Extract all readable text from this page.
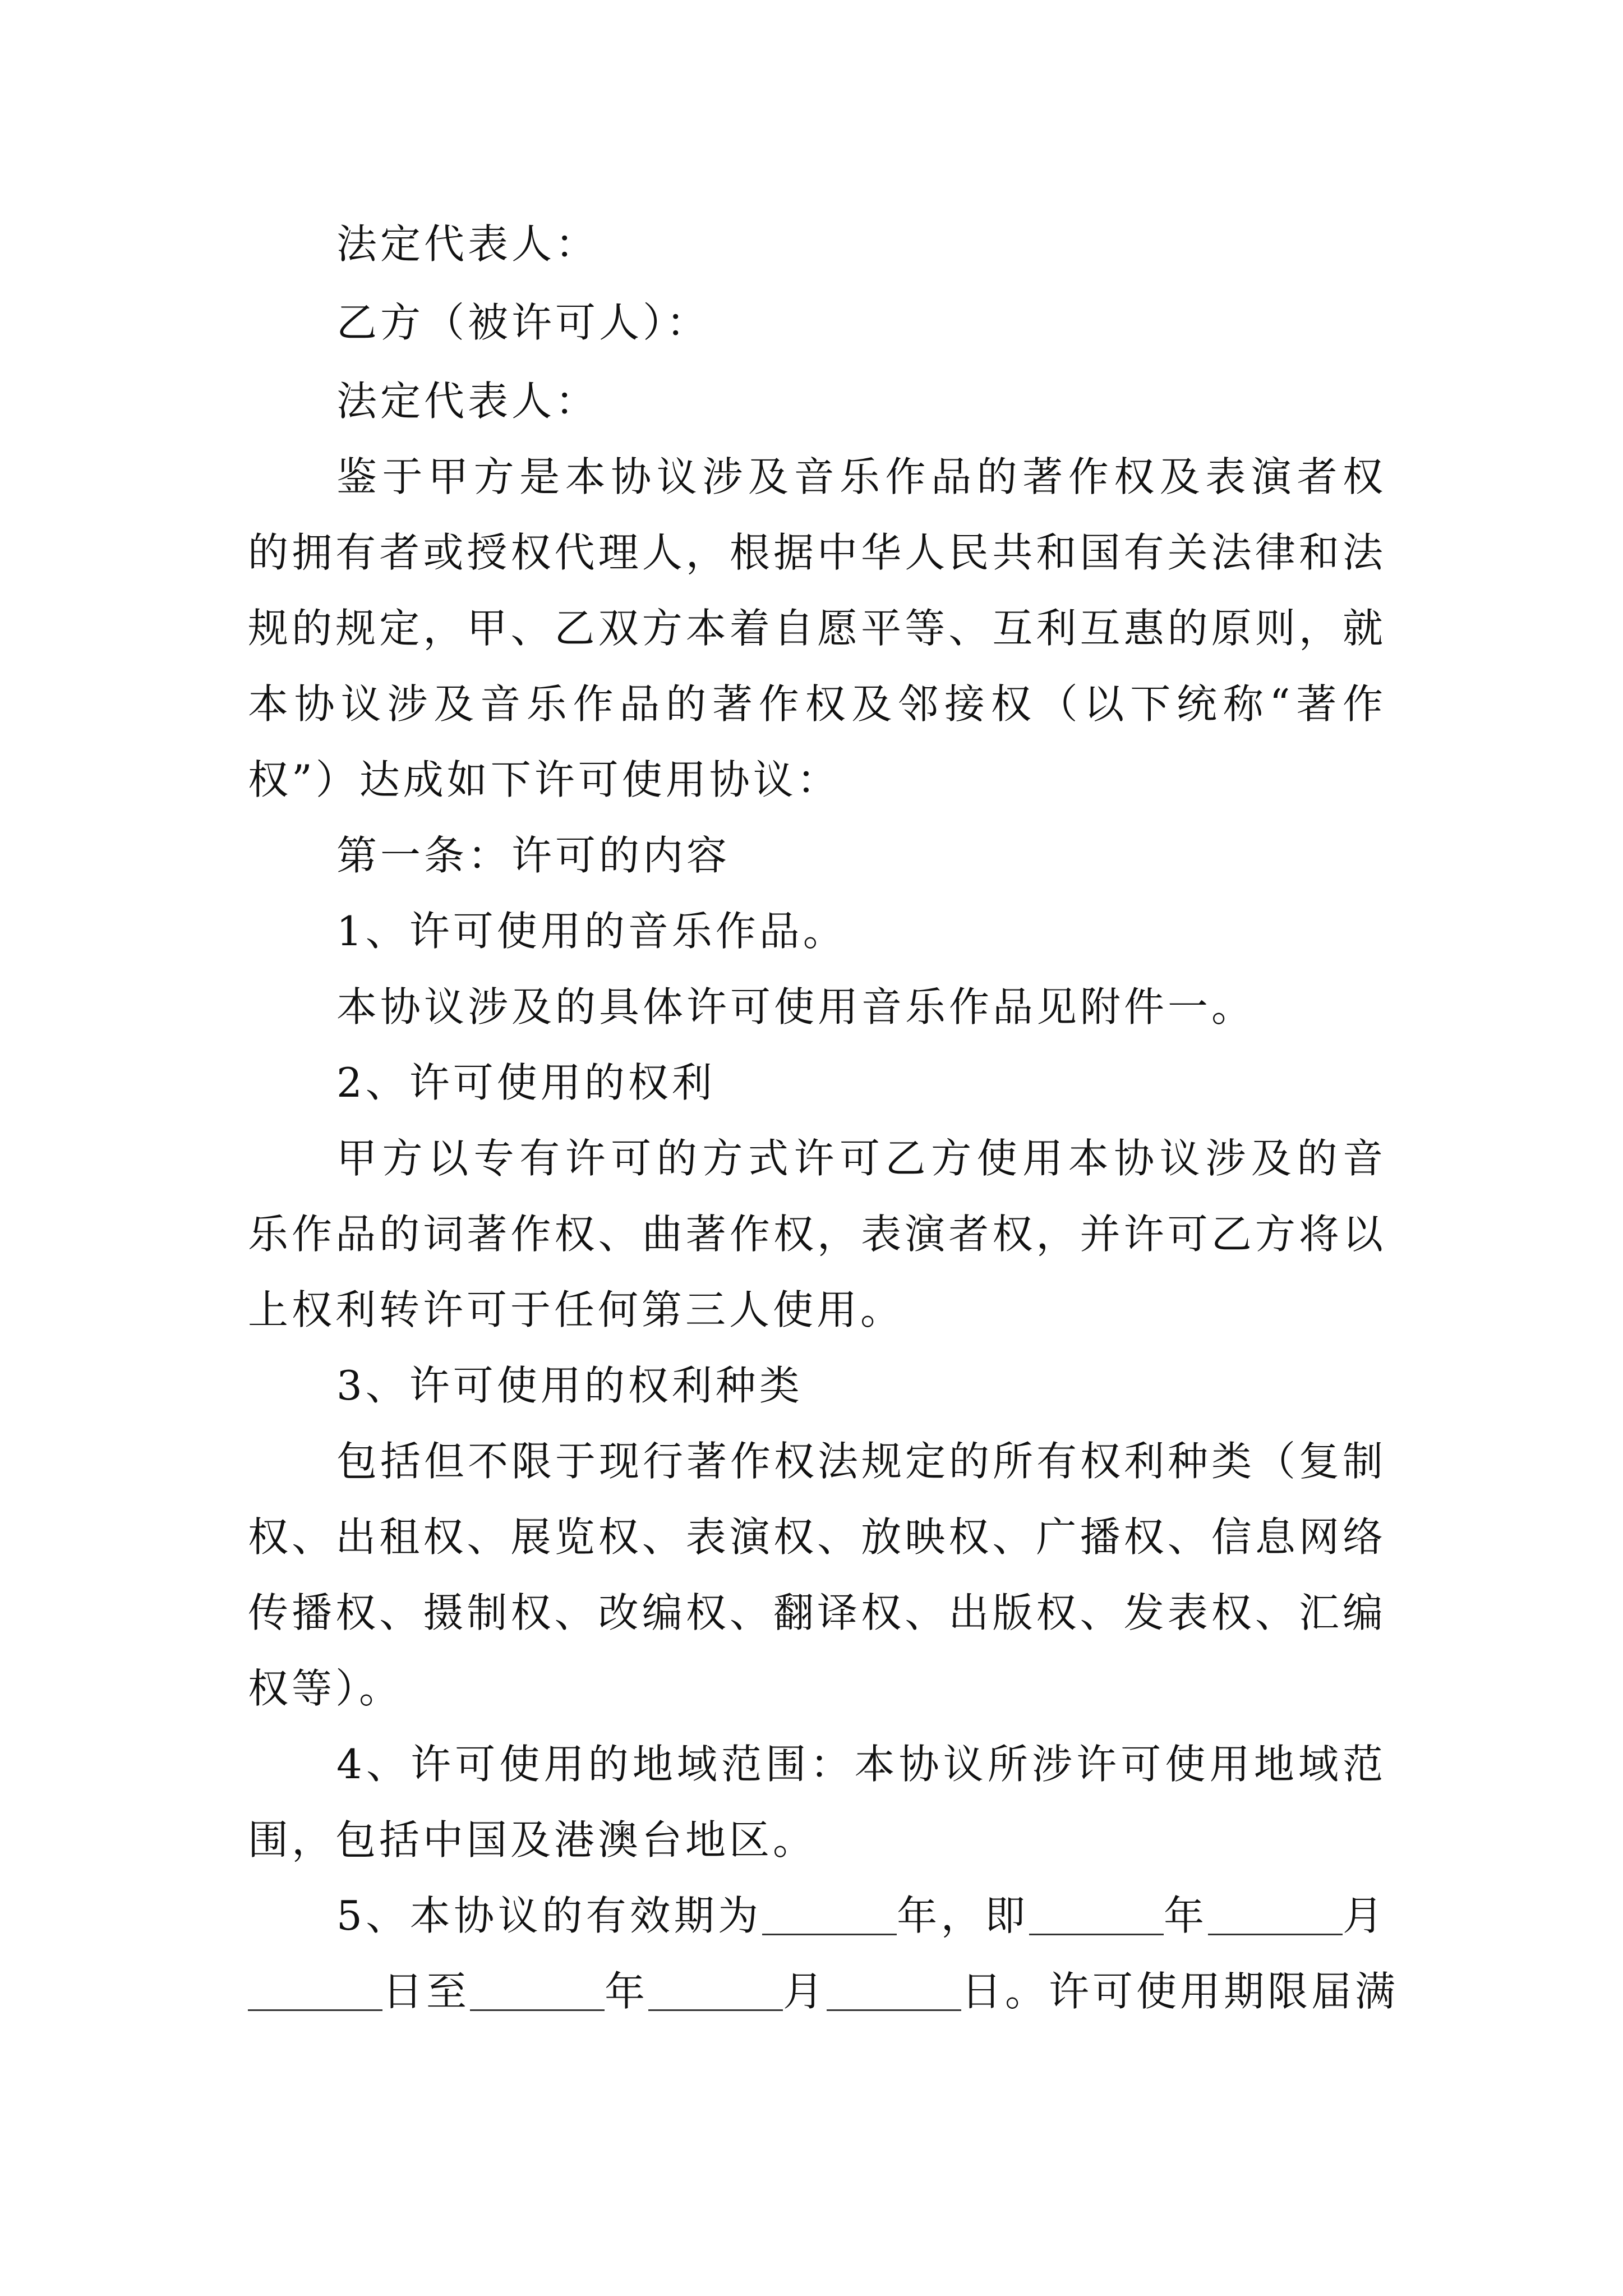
法定代表人：
乙方（被许可人）：
法定代表人：
鉴于甲方是本协议涉及音乐作品的著作权及表演者权
的拥有者或授权代理人，根据中华人民共和国有关法律和法
规的规定，甲、乙双方本着自愿平等、互利互惠的原则，就
本协议涉及音乐作品的著作权及邻接权（以下统称“著作
权”）达成如下许可使用协议：
第一条：许可的内容
1、许可使用的音乐作品。
本协议涉及的具体许可使用音乐作品见附件一。
2、许可使用的权利
甲方以专有许可的方式许可乙方使用本协议涉及的音
乐作品的词著作权、曲著作权，表演者权，并许可乙方将以
上权利转许可于任何第三人使用。
3、许可使用的权利种类
包括但不限于现行著作权法规定的所有权利种类（复制
权、出租权、展览权、表演权、放映权、广播权、信息网络
传播权、摄制权、改编权、翻译权、出版权、发表权、汇编
权等）。
4、许可使用的地域范围：本协议所涉许可使用地域范
围，包括中国及港澳台地区。
5、本协议的有效期为	年，即	年	月
日至	年	月	日。许可使用期限届满
